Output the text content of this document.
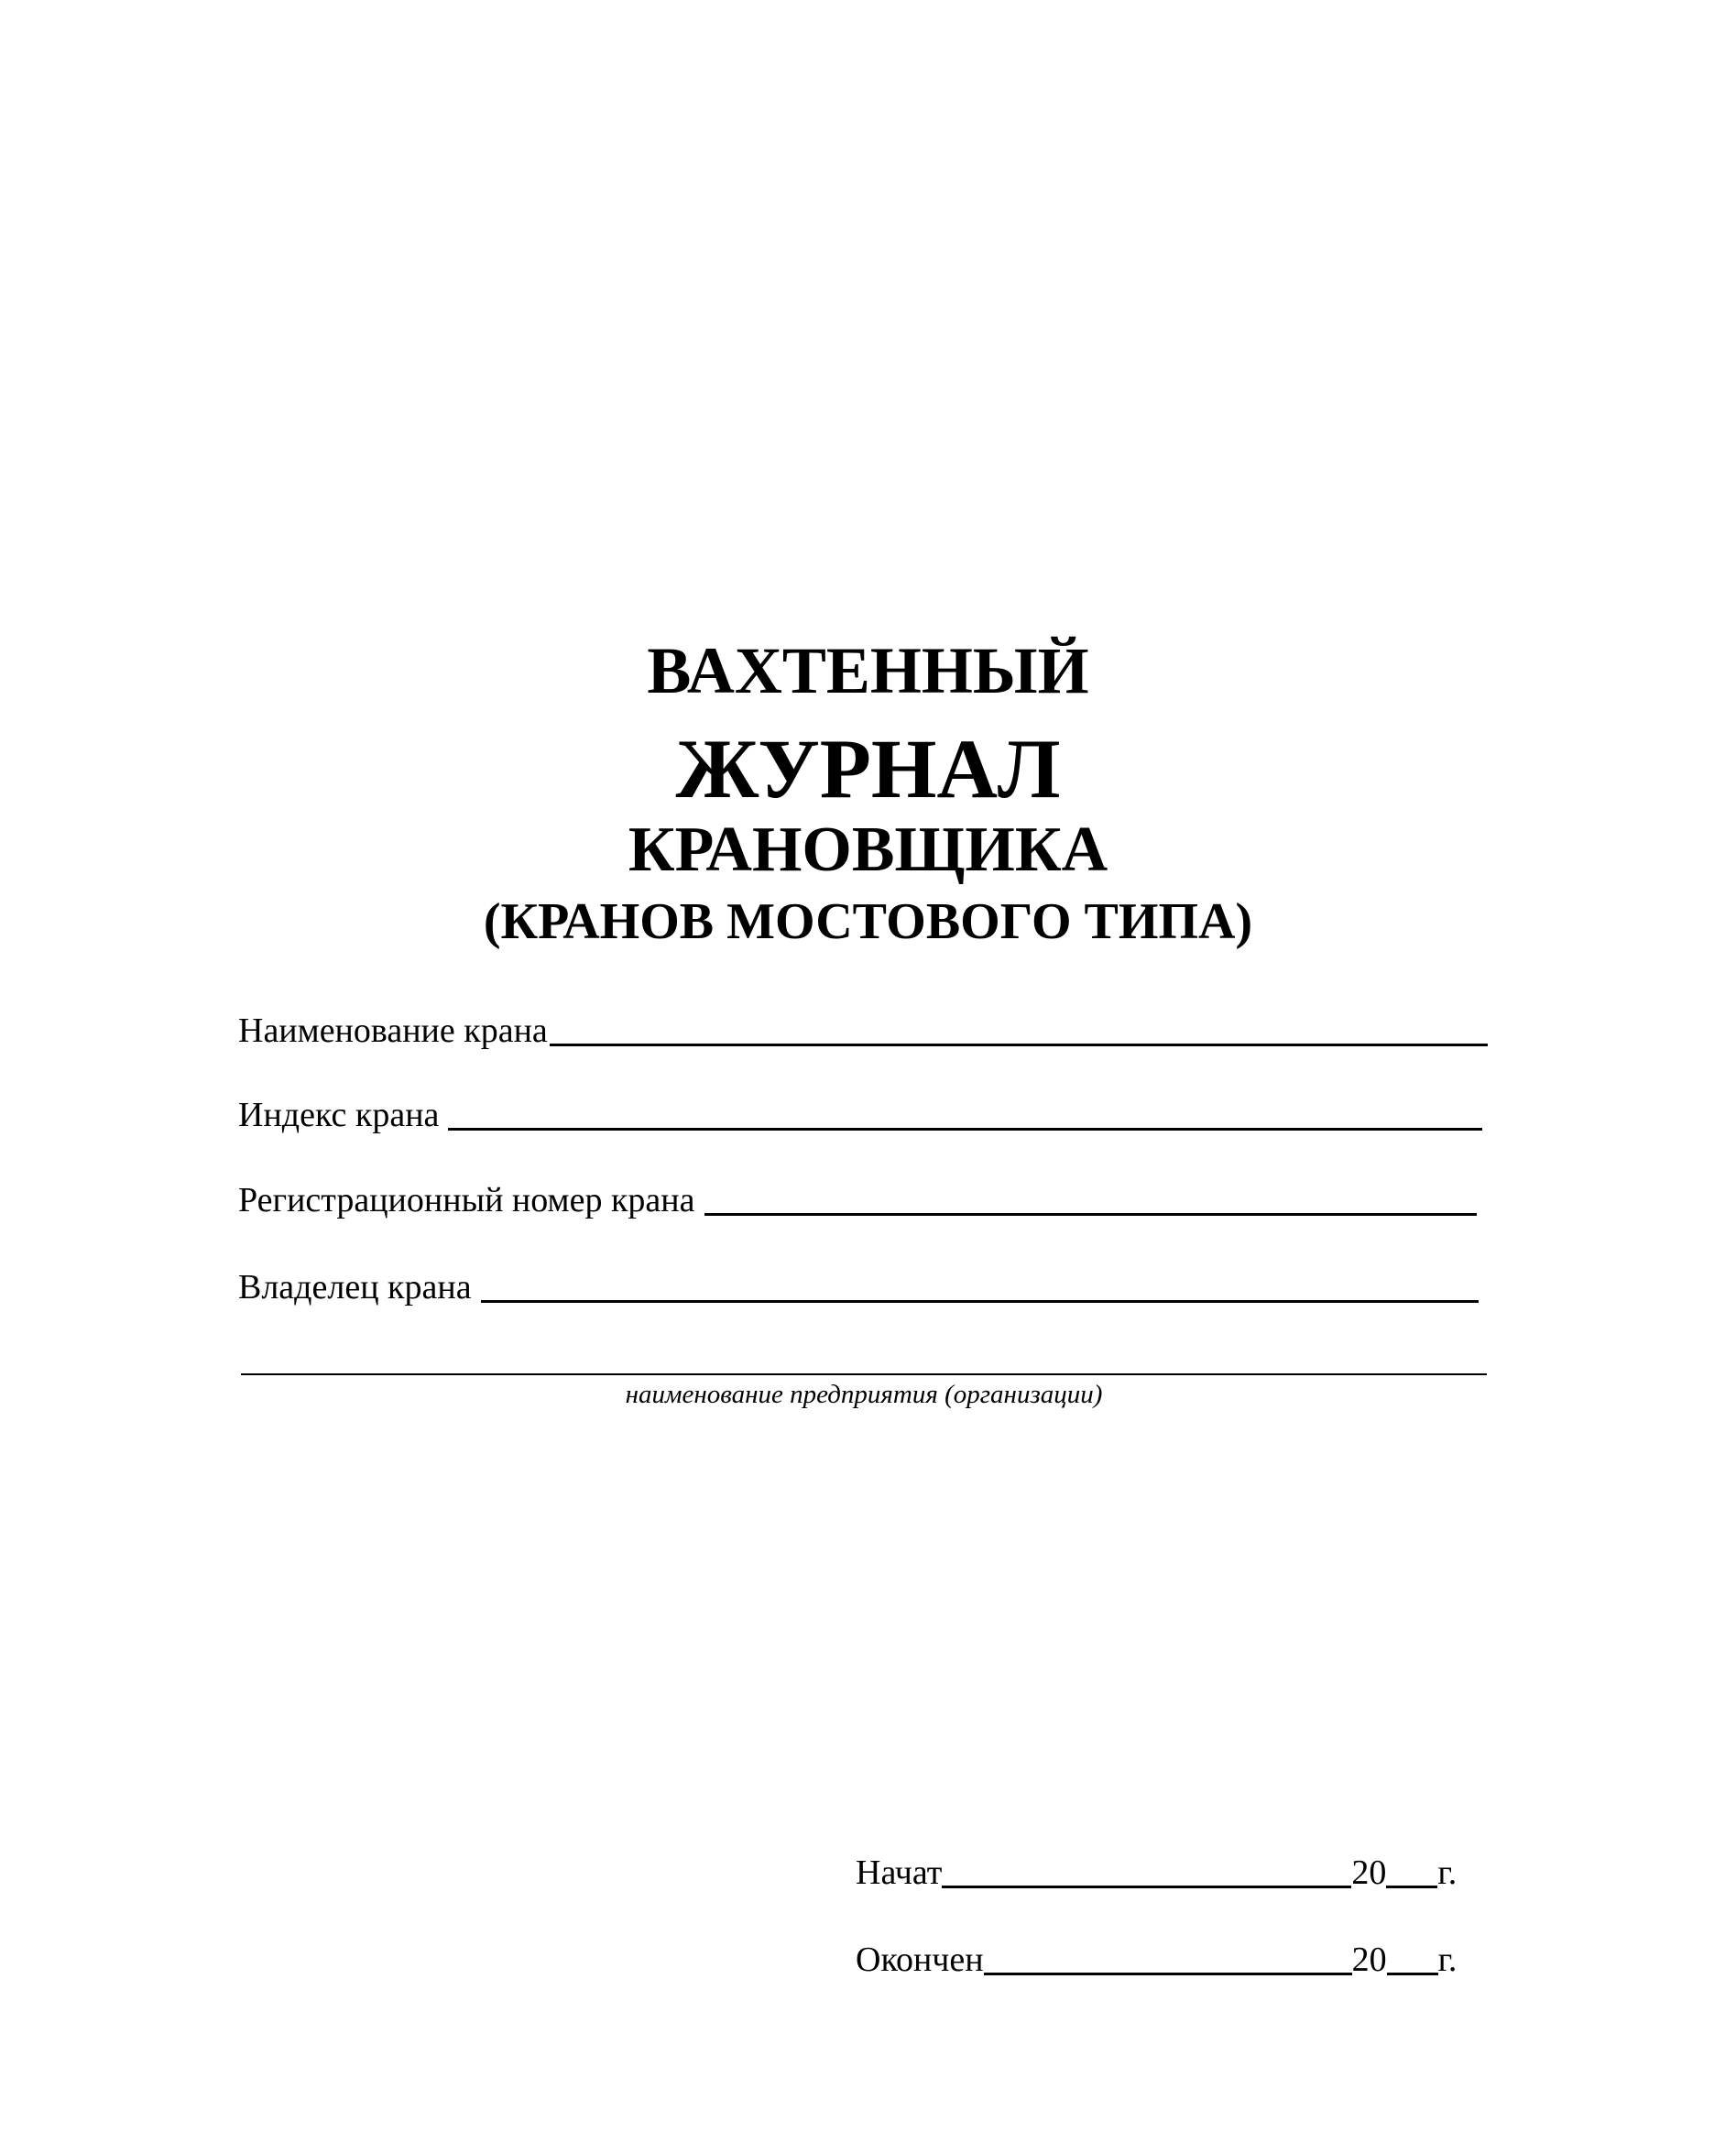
ВАХТЕННЫЙ
ЖУРНАЛ
КРАНОВЩИКА
(КРАНОВ МОСТОВОГО ТИПА)
Наименование крана
Индекс крана
Регистрационный номер крана
Владелец крана
наименование предприятия (организации)
Начат	20 г.
Окончен	20 г.
